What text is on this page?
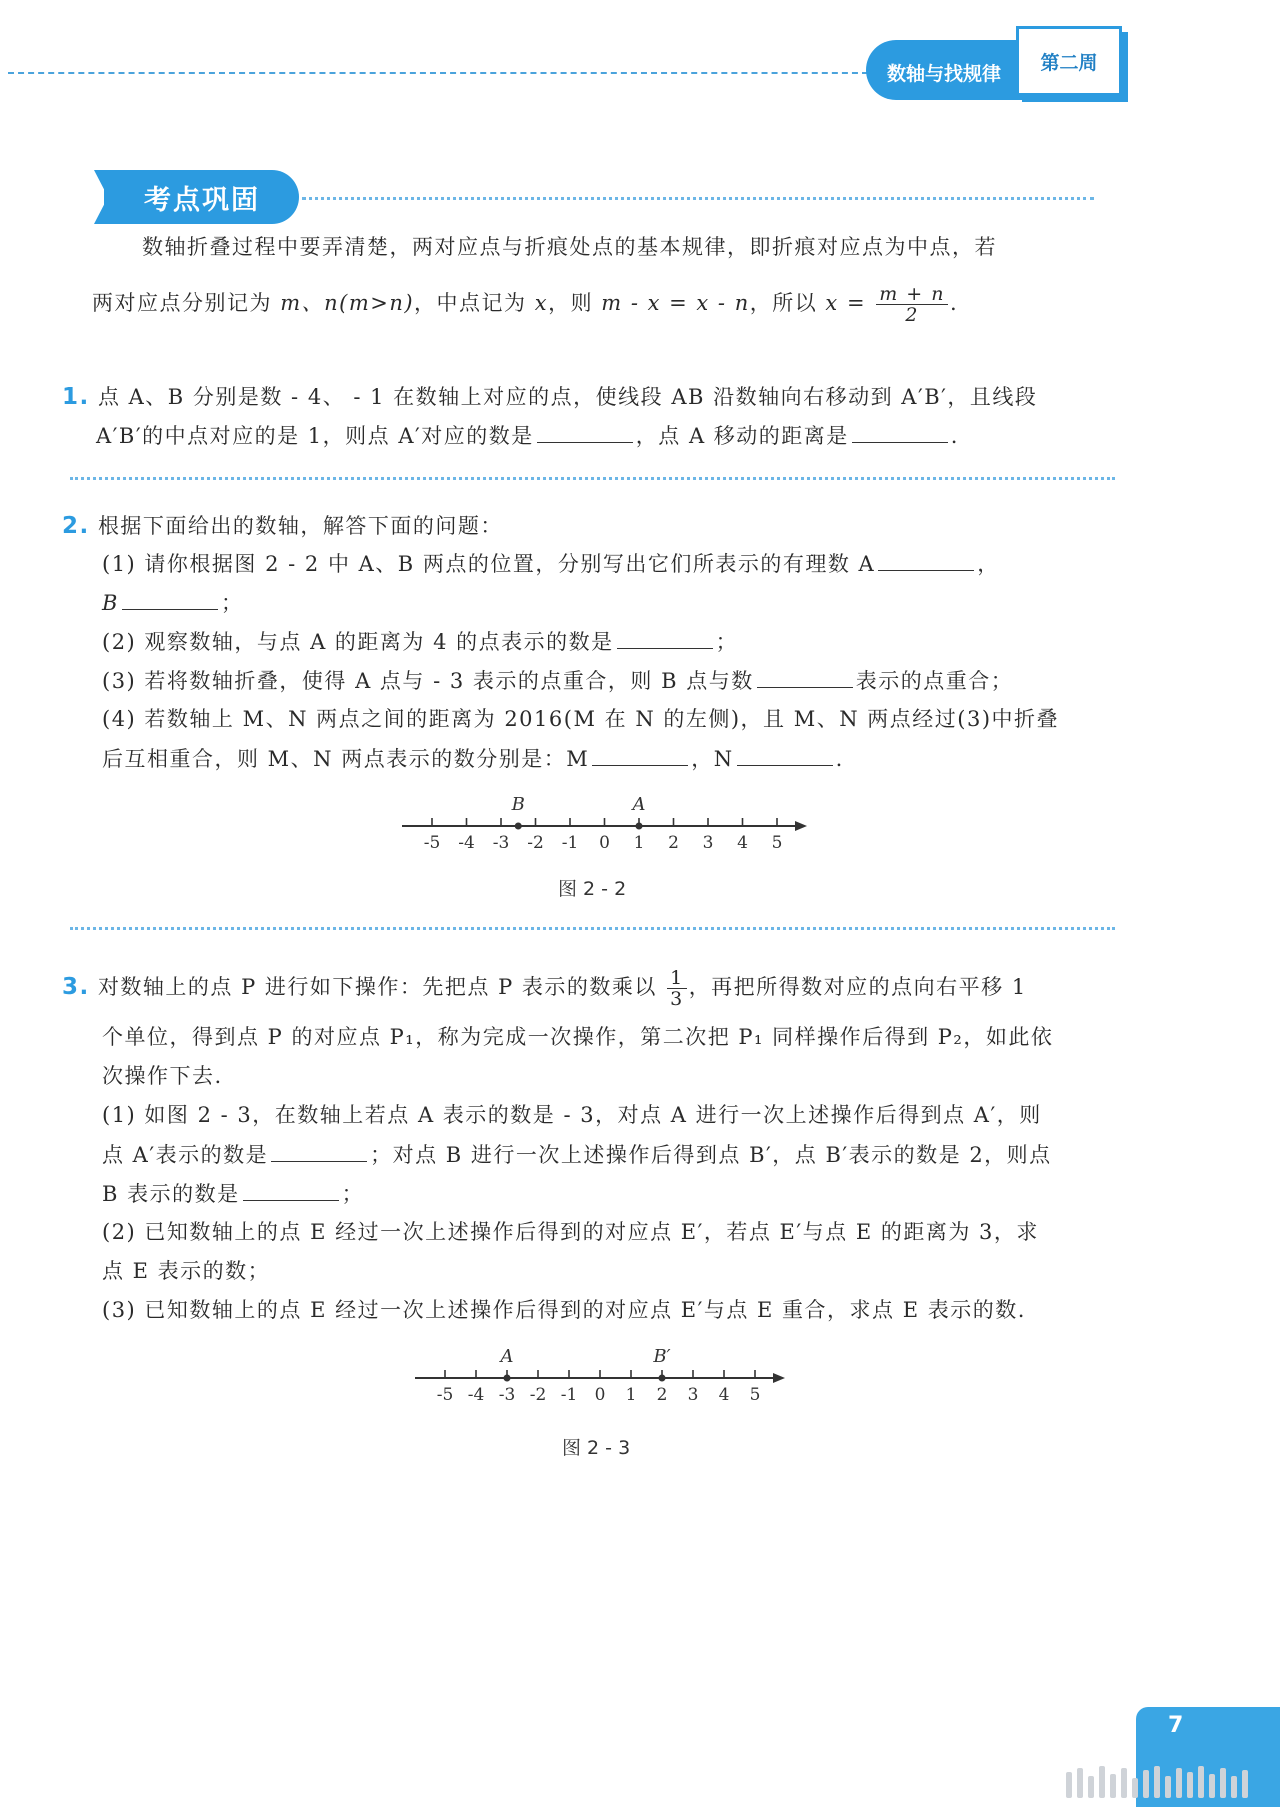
数轴与找规律 第二周
考点巩固
数轴折叠过程中要弄清楚，两对应点与折痕处点的基本规律，即折痕对应点为中点，若
两对应点分别记为 m、n(m>n)，中点记为 x，则 m - x = x - n，所以 $x = \frac{m + n}{2}$ .
1. 点 A、B 分别是数 - 4、 - 1 在数轴上对应的点，使线段 AB 沿数轴向右移动到 A′B′，且线段
A′B′的中点对应的是 1，则点 A′对应的数是	，点 A 移动的距离是	.
2. 根据下面给出的数轴，解答下面的问题：
(1) 请你根据图 2 - 2 中 A、B 两点的位置，分别写出它们所表示的有理数 A	，
B	；
(2) 观察数轴，与点 A 的距离为 4 的点表示的数是	；
(3) 若将数轴折叠，使得 A 点与 - 3 表示的点重合，则 B 点与数	表示的点重合；
(4) 若数轴上 M、N 两点之间的距离为 2016(M 在 N 的左侧)，且 M、N 两点经过(3)中折叠
后互相重合，则 M、N 两点表示的数分别是：M	，N	.
-5 -4 -3 -2 -1 0 1 2 3 4 5
A
B
图 2 - 2
3. 对数轴上的点 P 进行如下操作：先把点 P 表示的数乘以 $\frac{1}{3}$ ，再把所得数对应的点向右平移 1
个单位，得到点 P 的对应点 P₁，称为完成一次操作，第二次把 P₁ 同样操作后得到 P₂，如此依
次操作下去.
(1) 如图 2 - 3，在数轴上若点 A 表示的数是 - 3，对点 A 进行一次上述操作后得到点 A′，则
点 A′表示的数是	；对点 B 进行一次上述操作后得到点 B′，点 B′表示的数是 2，则点
B 表示的数是	；
(2) 已知数轴上的点 E 经过一次上述操作后得到的对应点 E′，若点 E′与点 E 的距离为 3，求
点 E 表示的数；
(3) 已知数轴上的点 E 经过一次上述操作后得到的对应点 E′与点 E 重合，求点 E 表示的数.
-5 -4 -3 -2 -1 0 1 2 3 4 5
A	B′
图 2 - 3
7
